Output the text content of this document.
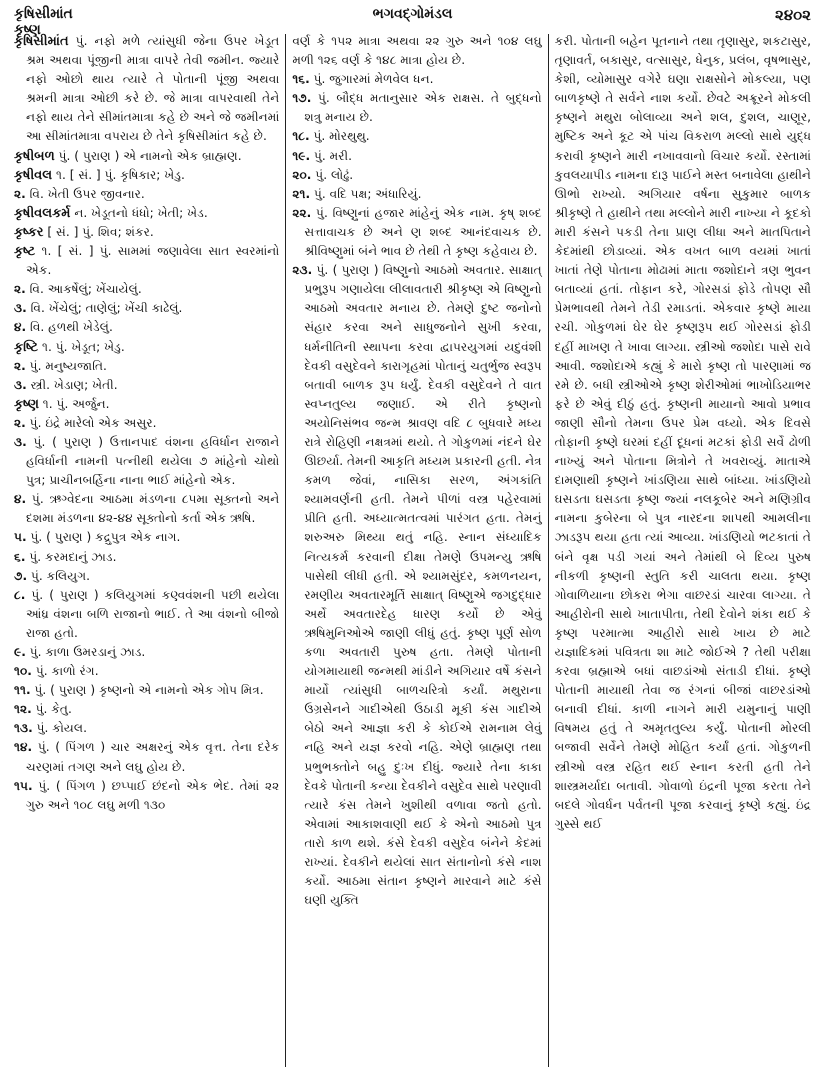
કૃષિસીમાંત
કૃષ્ણ
ભગવદ્ગોમંડલ	૨૪૦૨

કૃષિસીમાંત પું. નફો મળે ત્યાંસુધી જેના ઉપર ખેડૂત શ્રમ અથવા પૂંજીની માત્રા વાપરે તેવી જમીન. જ્યારે નફો ઓછો થાય ત્યારે તે પોતાની પૂંજી અથવા શ્રમની માત્રા ઓછી કરે છે. જે માત્રા વાપરવાથી તેને નફો થાય તેને સીમાંતમાત્રા કહે છે અને જે જમીનમાં આ સીમાંતમાત્રા વપરાય છે તેને કૃષિસીમાંત કહે છે.

કૃષીબળ પું. ( પુરાણ ) એ નામનો એક બ્રાહ્મણ.

કૃષીવલ ૧. [ સં. ] પું. કૃષિકાર; ખેડુ.

૨. વિ. ખેતી ઉપર જીવનાર.

કૃષીવલકર્મ ન. ખેડૂતનો ધંધો; ખેતી; ખેડ.

કૃષ્કર [ સં. ] પું. શિવ; શંકર.

કૃષ્ટ ૧. [ સં. ] પું. સામમાં જણાવેલા સાત સ્વરમાંનો એક.

૨. વિ. આકર્ષેલું; ખેંચાયેલું.

૩. વિ. ખેંચેલું; તાણેલું; ખેંચી કાઢેલું.

૪. વિ. હળથી ખેડેલું.

કૃષ્ટિ ૧. પું. ખેડૂત; ખેડુ.

૨. પું. મનુષ્યજાતિ.

૩. સ્ત્રી. ખેડાણ; ખેતી.

કૃષ્ણ ૧. પું. અર્જુન.

૨. પું. ઇંદ્રે મારેલો એક અસુર.

૩. પું. ( પુરાણ ) ઉત્તાનપાદ વંશના હવિર્ધાન રાજાને હવિર્ધાની નામની પત્નીથી થયેલા ૭ માંહેનો ચોથો પુત્ર; પ્રાચીનબર્હિના નાના ભાઈ માંહેનો એક.

૪. પું. ઋગ્વેદના આઠમા મંડળના ૮૫મા સૂક્તનો અને દશમા મંડળના ૪૨-૪૪ સૂક્તોનો કર્તા એક ઋષિ.

૫. પું. ( પુરાણ ) કદ્રુપુત્ર એક નાગ.

૬. પું. કરમદાનું ઝાડ.

૭. પું. કલિયુગ.

૮. પું. ( પુરાણ ) કલિયુગમાં કણ્વવંશની પછી થયેલા આંધ્ર વંશના બળિ રાજાનો ભાઈ. તે આ વંશનો બીજો રાજા હતો.

૯. પું. કાળા ઉમરડાનું ઝાડ.

૧૦. પું. કાળો રંગ.

૧૧. પું. ( પુરાણ ) કૃષ્ણનો એ નામનો એક ગોપ મિત્ર.

૧૨. પું. કેતુ.

૧૩. પું. કોયલ.

૧૪. પું. ( પિંગળ ) ચાર અક્ષરનું એક વૃત્ત. તેના દરેક ચરણમાં તગણ અને લઘુ હોય છે.

૧૫. પું. ( પિંગળ ) છપ્પાઈ છંદનો એક ભેદ. તેમાં ૨૨ ગુરુ અને ૧૦૮ લઘુ મળી ૧૩૦

વર્ણ કે ૧૫૨ માત્રા અથવા ૨૨ ગુરુ અને ૧૦૪ લઘુ મળી ૧૨૬ વર્ણ કે ૧૪૮ માત્રા હોય છે.

૧૬. પું. જુગારમાં મેળવેલ ધન.

૧૭. પું. બૌદ્ધ મતાનુસાર એક રાક્ષસ. તે બુદ્ધનો શત્રુ મનાય છે.

૧૮. પું. મોરથુથુ.

૧૯. પું. મરી.

૨૦. પું. લોઢું.

૨૧. પું. વદિ પક્ષ; અંધારિયું.

૨૨. પું. વિષ્ણુનાં હજાર માંહેનું એક નામ. કૃષ્ શબ્દ સત્તાવાચક છે અને ણ શબ્દ આનંદવાચક છે. શ્રીવિષ્ણુમાં બંને ભાવ છે તેથી તે કૃષ્ણ કહેવાય છે.

૨૩. પું. ( પુરાણ ) વિષ્ણુનો આઠમો અવતાર. સાક્ષાત્ પ્રભુરૂપ ગણાયેલા લીલાવતારી શ્રીકૃષ્ણ એ વિષ્ણુનો આઠમો અવતાર મનાય છે. તેમણે દુષ્ટ જનોનો સંહાર કરવા અને સાધુજનોને સુખી કરવા, ધર્મનીતિની સ્થાપના કરવા દ્વાપરયુગમાં યદુવંશી દેવકી વસુદેવને કારાગૃહમાં પોતાનું ચતુર્ભુજ સ્વરૂપ બતાવી બાળક રૂપ ધર્યું. દેવકી વસુદેવને તે વાત સ્વપ્નતુલ્ય જણાઈ. એ રીતે કૃષ્ણનો અયોનિસંભવ જન્મ શ્રાવણ વદિ ૮ બુધવારે મધ્ય રાત્રે રોહિણી નક્ષત્રમાં થયો. તે ગોકુળમાં નંદને ઘેર ઊછર્યા. તેમની આકૃતિ મધ્યમ પ્રકારની હતી. નેત્ર કમળ જેવાં, નાસિકા સરળ, અંગકાંતિ શ્યામવર્ણની હતી. તેમને પીળાં વસ્ત્ર પહેરવામાં પ્રીતિ હતી. અધ્યાત્મતત્વમાં પારંગત હતા. તેમનું શરુઅરુ મિથ્યા થતું નહિ. સ્નાન સંધ્યાદિક નિત્યકર્મ કરવાની દીક્ષા તેમણે ઉપમન્યુ ઋષિ પાસેથી લીધી હતી. એ શ્યામસુંદર, કમળનયન, રમણીય અવતારમૂર્તિ સાક્ષાત્ વિષ્ણુએ જગદુદ્ધાર અર્થે અવતારદેહ ધારણ કર્યો છે એવું ઋષિમુનિઓએ જાણી લીધું હતું. કૃષ્ણ પૂર્ણ સોળ કળા અવતારી પુરુષ હતા. તેમણે પોતાની યોગમાયાથી જન્મથી માંડીને અગિયાર વર્ષે કંસને માર્યો ત્યાંસુધી બાળચરિત્રો કર્યાં. મથુરાના ઉગ્રસેનને ગાદીએથી ઉઠાડી મૂકી કંસ ગાદીએ બેઠો અને આજ્ઞા કરી કે કોઈએ રામનામ લેવું નહિ અને યજ્ઞ કરવો નહિ. એણે બ્રાહ્મણ તથા પ્રભુભક્તોને બહુ દુઃખ દીધું. જ્યારે તેના કાકા દેવકે પોતાની કન્યા દેવકીને વસુદેવ સાથે પરણાવી ત્યારે કંસ તેમને ખુશીથી વળાવા જતો હતો. એવામાં આકાશવાણી થઈ કે એનો આઠમો પુત્ર તારો કાળ થશે. કંસે દેવકી વસુદેવ બંનેને કેદમાં રાખ્યાં. દેવકીને થયેલાં સાત સંતાનોનો કંસે નાશ કર્યો. આઠમા સંતાન કૃષ્ણને મારવાને માટે કંસે ઘણી યુક્તિ

કરી. પોતાની બહેન પૂતનાને તથા તૃણાસુર, શકટાસુર, તૃણાવર્ત, બકાસુર, વત્સાસુર, ધેનુક, પ્રલંબ, વૃષભાસુર, કેશી, વ્યોમાસુર વગેરે ઘણા રાક્ષસોને મોકલ્યા, પણ બાળકૃષ્ણે તે સર્વને નાશ કર્યો. છેવટે અક્રૂરને મોકલી કૃષ્ણને મથુરા બોલાવ્યા અને શલ, દુશલ, ચાણૂર, મુષ્ટિક અને કૂટ એ પાંચ વિકરાળ મલ્લો સાથે યુદ્ધ કરાવી કૃષ્ણને મારી નખાવવાનો વિચાર કર્યો. રસ્તામાં કુવલયાપીડ નામના દારૂ પાઈને મસ્ત બનાવેલા હાથીને ઊભો રાખ્યો. અગિયાર વર્ષના સુકુમાર બાળક શ્રીકૃષ્ણે તે હાથીને તથા મલ્લોને મારી નાખ્યા ને કૂદકો મારી કંસને પકડી તેના પ્રાણ લીધા અને માતપિતાને કેદમાંથી છોડાવ્યાં. એક વખત બાળ વયમાં ખાતાં ખાતાં તેણે પોતાના મોઢામાં માતા જશોદાને ત્રણ ભુવન બતાવ્યાં હતાં. તોફાન કરે, ગોરસડાં ફોડે તોપણ સૌ પ્રેમભાવથી તેમને તેડી રમાડતાં. એકવાર કૃષ્ણે માયા રચી. ગોકુળમાં ઘેર ઘેર કૃષ્ણરૂપ થઈ ગોરસડાં ફોડી દહીં માખણ તે ખાવા લાગ્યા. સ્ત્રીઓ જશોદા પાસે રાવે આવી. જશોદાએ કહ્યું કે મારો કૃષ્ણ તો પારણામાં જ રમે છે. બધી સ્ત્રીઓએ કૃષ્ણ શેરીઓમાં ભાખોડિયાભર ફરે છે એવું દીઠું હતું. કૃષ્ણની માયાનો આવો પ્રભાવ જાણી સૌનો તેમના ઉપર પ્રેમ વધ્યો. એક દિવસે તોફાની કૃષ્ણે ઘરમાં દહીં દૂધનાં મટકાં ફોડી સર્વે ઢોળી નાખ્યું અને પોતાના મિત્રોને તે ખવરાવ્યું. માતાએ દામણાથી કૃષ્ણને ખાંડણિયા સાથે બાંધ્યા. ખાંડણિયો ઘસડતા ઘસડતા કૃષ્ણ જ્યાં નલકૂબેર અને મણિગ્રીવ નામના કુબેરના બે પુત્ર નારદના શાપથી આમલીના ઝાડરૂપ થયા હતા ત્યાં આવ્યા. ખાંડણિયો ભટકાતાં તે બંને વૃક્ષ પડી ગયાં અને તેમાંથી બે દિવ્ય પુરુષ નીકળી કૃષ્ણની સ્તુતિ કરી ચાલતા થયા. કૃષ્ણ ગોવાળિયાના છોકરા ભેગા વાછરડાં ચારવા લાગ્યા. તે આહીરોની સાથે ખાતાપીતા, તેથી દેવોને શંકા થઈ કે કૃષ્ણ પરમાત્મા આહીરો સાથે ખાય છે માટે યજ્ઞાદિકમાં પવિત્રતા શા માટે જોઈએ ? તેથી પરીક્ષા કરવા બ્રહ્માએ બધાં વાછડાંઓ સંતાડી દીધાં. કૃષ્ણે પોતાની માયાથી તેવા જ રંગનાં બીજાં વાછરડાંઓ બનાવી દીધાં. કાળી નાગને મારી યમુનાનું પાણી વિષમય હતું તે અમૃતતુલ્ય કર્યું. પોતાની મોરલી બજાવી સર્વેને તેમણે મોહિત કર્યાં હતાં. ગોકુળની સ્ત્રીઓ વસ્ત્ર રહિત થઈ સ્નાન કરતી હતી તેને શાસ્ત્રમર્યાદા બતાવી. ગોવાળો ઇંદ્રની પૂજા કરતા તેને બદલે ગોવર્ધન પર્વતની પૂજા કરવાનું કૃષ્ણે કહ્યું. ઇંદ્ર ગુસ્સે થઈ
